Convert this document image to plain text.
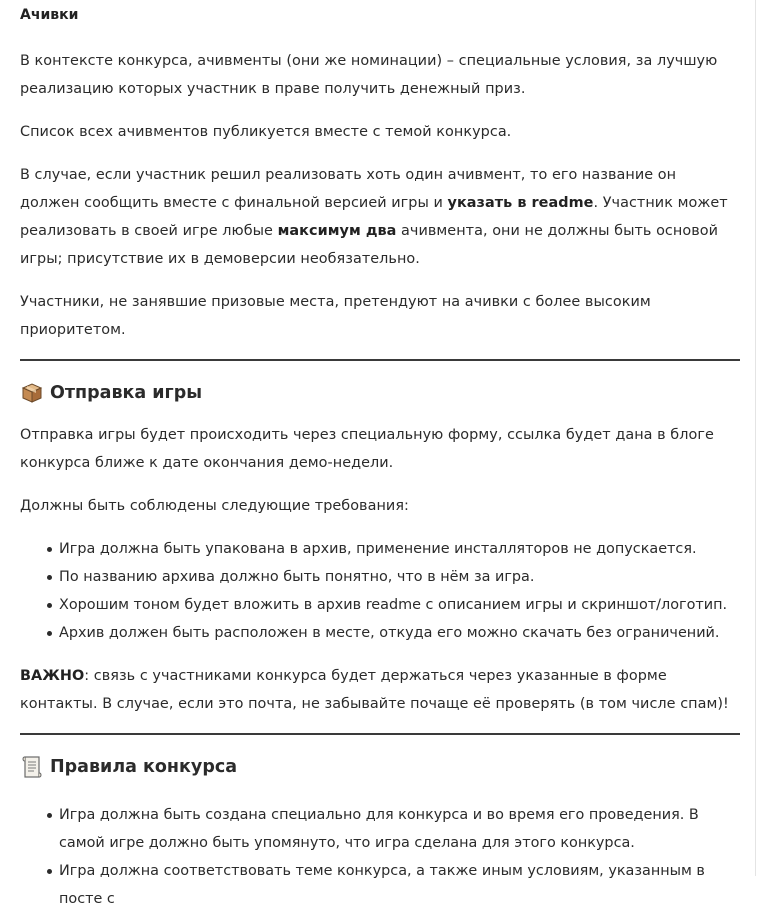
Ачивки

В контексте конкурса, ачивменты (они же номинации) – специальные условия, за лучшую реализацию которых участник в праве получить денежный приз.

Список всех ачивментов публикуется вместе с темой конкурса.

В случае, если участник решил реализовать хоть один ачивмент, то его название он должен сообщить вместе с финальной версией игры и указать в readme. Участник может реализовать в своей игре любые максимум два ачивмента, они не должны быть основой игры; присутствие их в демоверсии необязательно.

Участники, не занявшие призовые места, претендуют на ачивки с более высоким приоритетом.

Отправка игры

Отправка игры будет происходить через специальную форму, ссылка будет дана в блоге конкурса ближе к дате окончания демо-недели.

Должны быть соблюдены следующие требования:

Игра должна быть упакована в архив, применение инсталляторов не допускается.
По названию архива должно быть понятно, что в нём за игра.
Хорошим тоном будет вложить в архив readme с описанием игры и скриншот/логотип.
Архив должен быть расположен в месте, откуда его можно скачать без ограничений.

ВАЖНО: связь с участниками конкурса будет держаться через указанные в форме контакты. В случае, если это почта, не забывайте почаще её проверять (в том числе спам)!

Правила конкурса
Игра должна быть создана специально для конкурса и во время его проведения. В самой игре должно быть упомянуто, что игра сделана для этого конкурса.
Игра должна соответствовать теме конкурса, а также иным условиям, указанным в посте с
